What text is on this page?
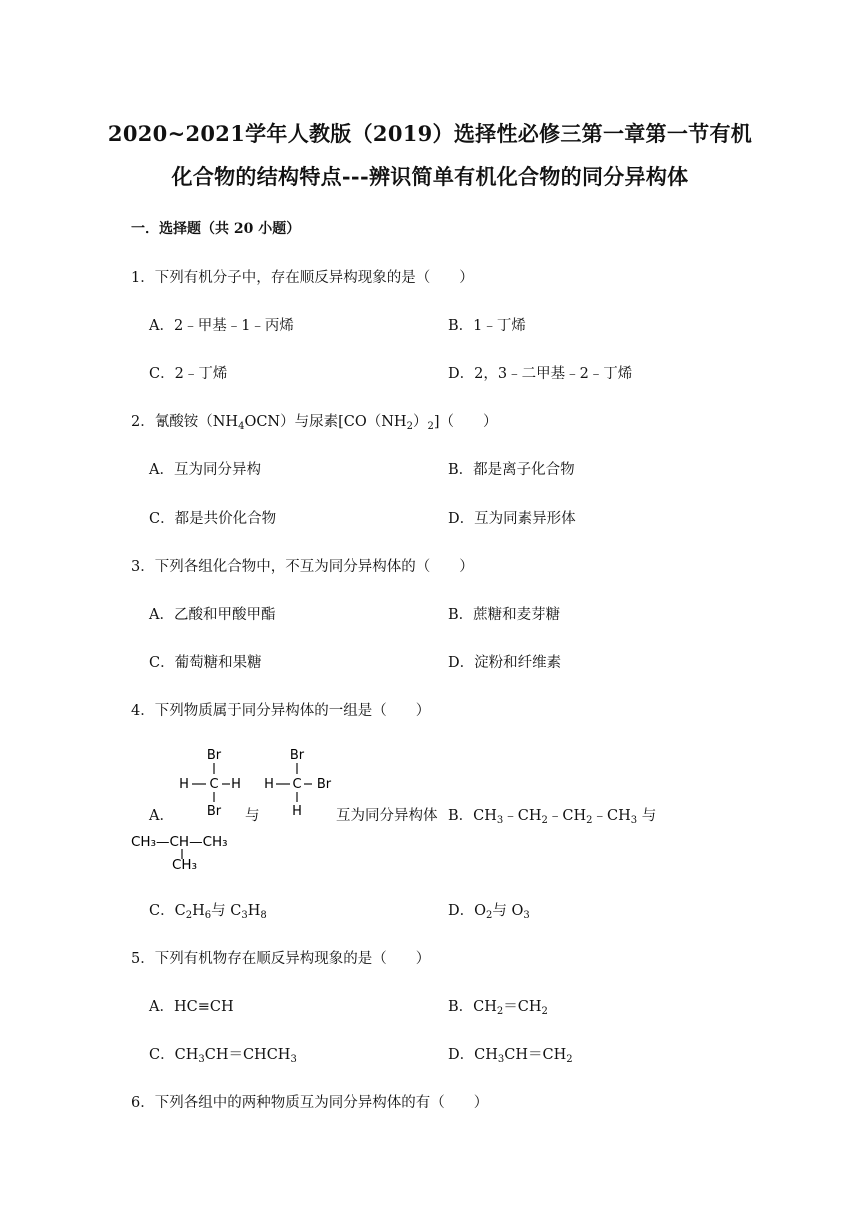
2020~2021学年人教版（2019）选择性必修三第一章第一节有机
化合物的结构特点---辨识简单有机化合物的同分异构体
一．选择题（共 20 小题）
1．下列有机分子中，存在顺反异构现象的是（　　）
A．2﹣甲基﹣1﹣丙烯	B．1﹣丁烯
C．2﹣丁烯	D．2，3﹣二甲基﹣2﹣丁烯
2．氰酸铵$(NH_4OCN)$与尿素$[CO(NH_2)_2]$（　　）
A．互为同分异构	B．都是离子化合物
C．都是共价化合物	D．互为同素异形体
3．下列各组化合物中，不互为同分异构体的（　　）
A．乙酸和甲酸甲酯	B．蔗糖和麦芽糖
C．葡萄糖和果糖	D．淀粉和纤维素
4．下列物质属于同分异构体的一组是（　　）
A．
Br
H C H
Br 与
Br
H C Br
H 互为同分异构体 B．$CH_3﹣CH_2﹣CH_2﹣CH_3$ 与
CH₃—CH—CH₃
CH₃
C．$C_2H_6$与 $C_3H_8$	D．$O_2$与 $O_3$
5．下列有机物存在顺反异构现象的是（　　）
A．HC≡CH	B．$CH_2=CH_2$
C．$CH_3CH=CHCH_3$	D．$CH_3CH=CH_2$
6．下列各组中的两种物质互为同分异构体的有（　　）
